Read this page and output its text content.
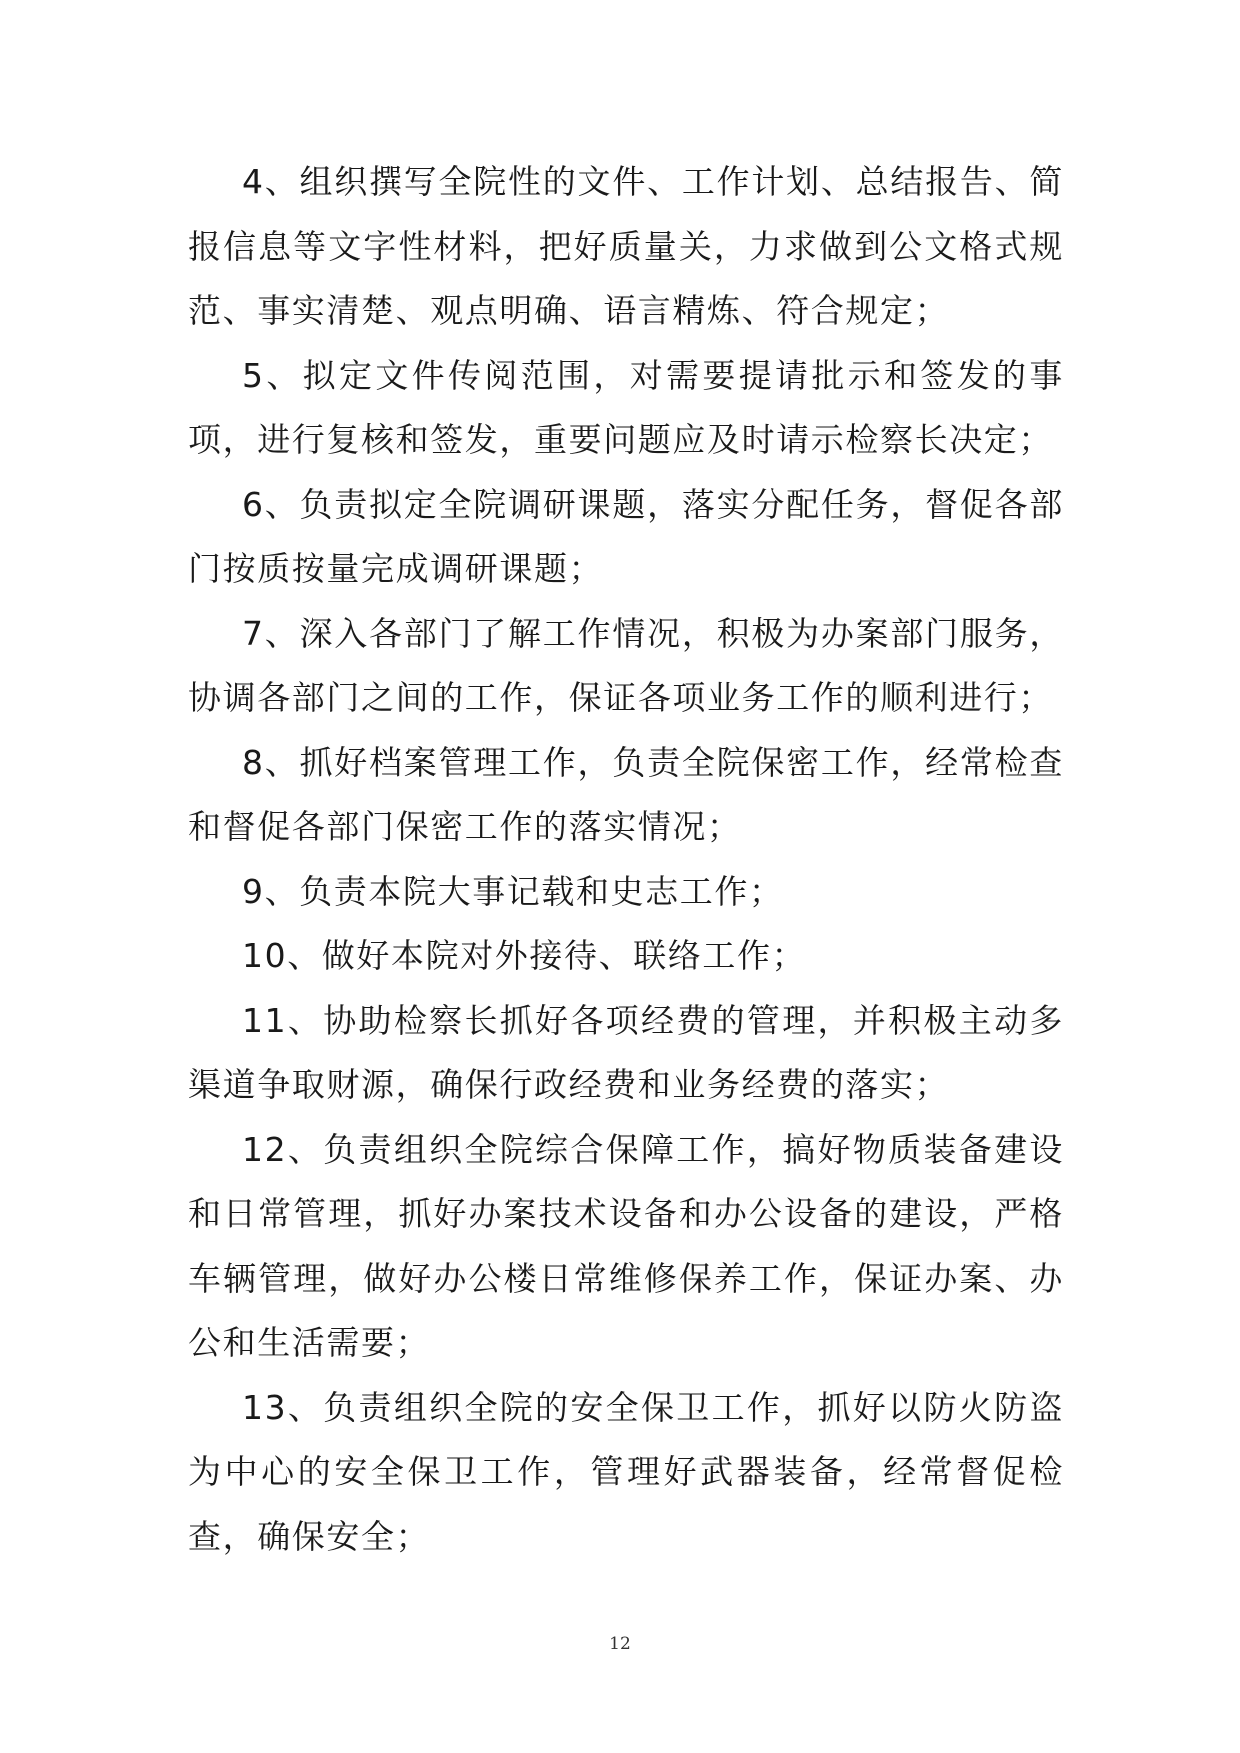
4、组织撰写全院性的文件、工作计划、总结报告、简报信息等文字性材料，把好质量关，力求做到公文格式规范、事实清楚、观点明确、语言精炼、符合规定；

5、拟定文件传阅范围，对需要提请批示和签发的事项，进行复核和签发，重要问题应及时请示检察长决定；

6、负责拟定全院调研课题，落实分配任务，督促各部门按质按量完成调研课题；

7、深入各部门了解工作情况，积极为办案部门服务，协调各部门之间的工作，保证各项业务工作的顺利进行；

8、抓好档案管理工作，负责全院保密工作，经常检查和督促各部门保密工作的落实情况；

9、负责本院大事记载和史志工作；

10、做好本院对外接待、联络工作；

11、协助检察长抓好各项经费的管理，并积极主动多渠道争取财源，确保行政经费和业务经费的落实；

12、负责组织全院综合保障工作，搞好物质装备建设和日常管理，抓好办案技术设备和办公设备的建设，严格车辆管理，做好办公楼日常维修保养工作，保证办案、办公和生活需要；

13、负责组织全院的安全保卫工作，抓好以防火防盗为中心的安全保卫工作，管理好武器装备，经常督促检查，确保安全；

12
